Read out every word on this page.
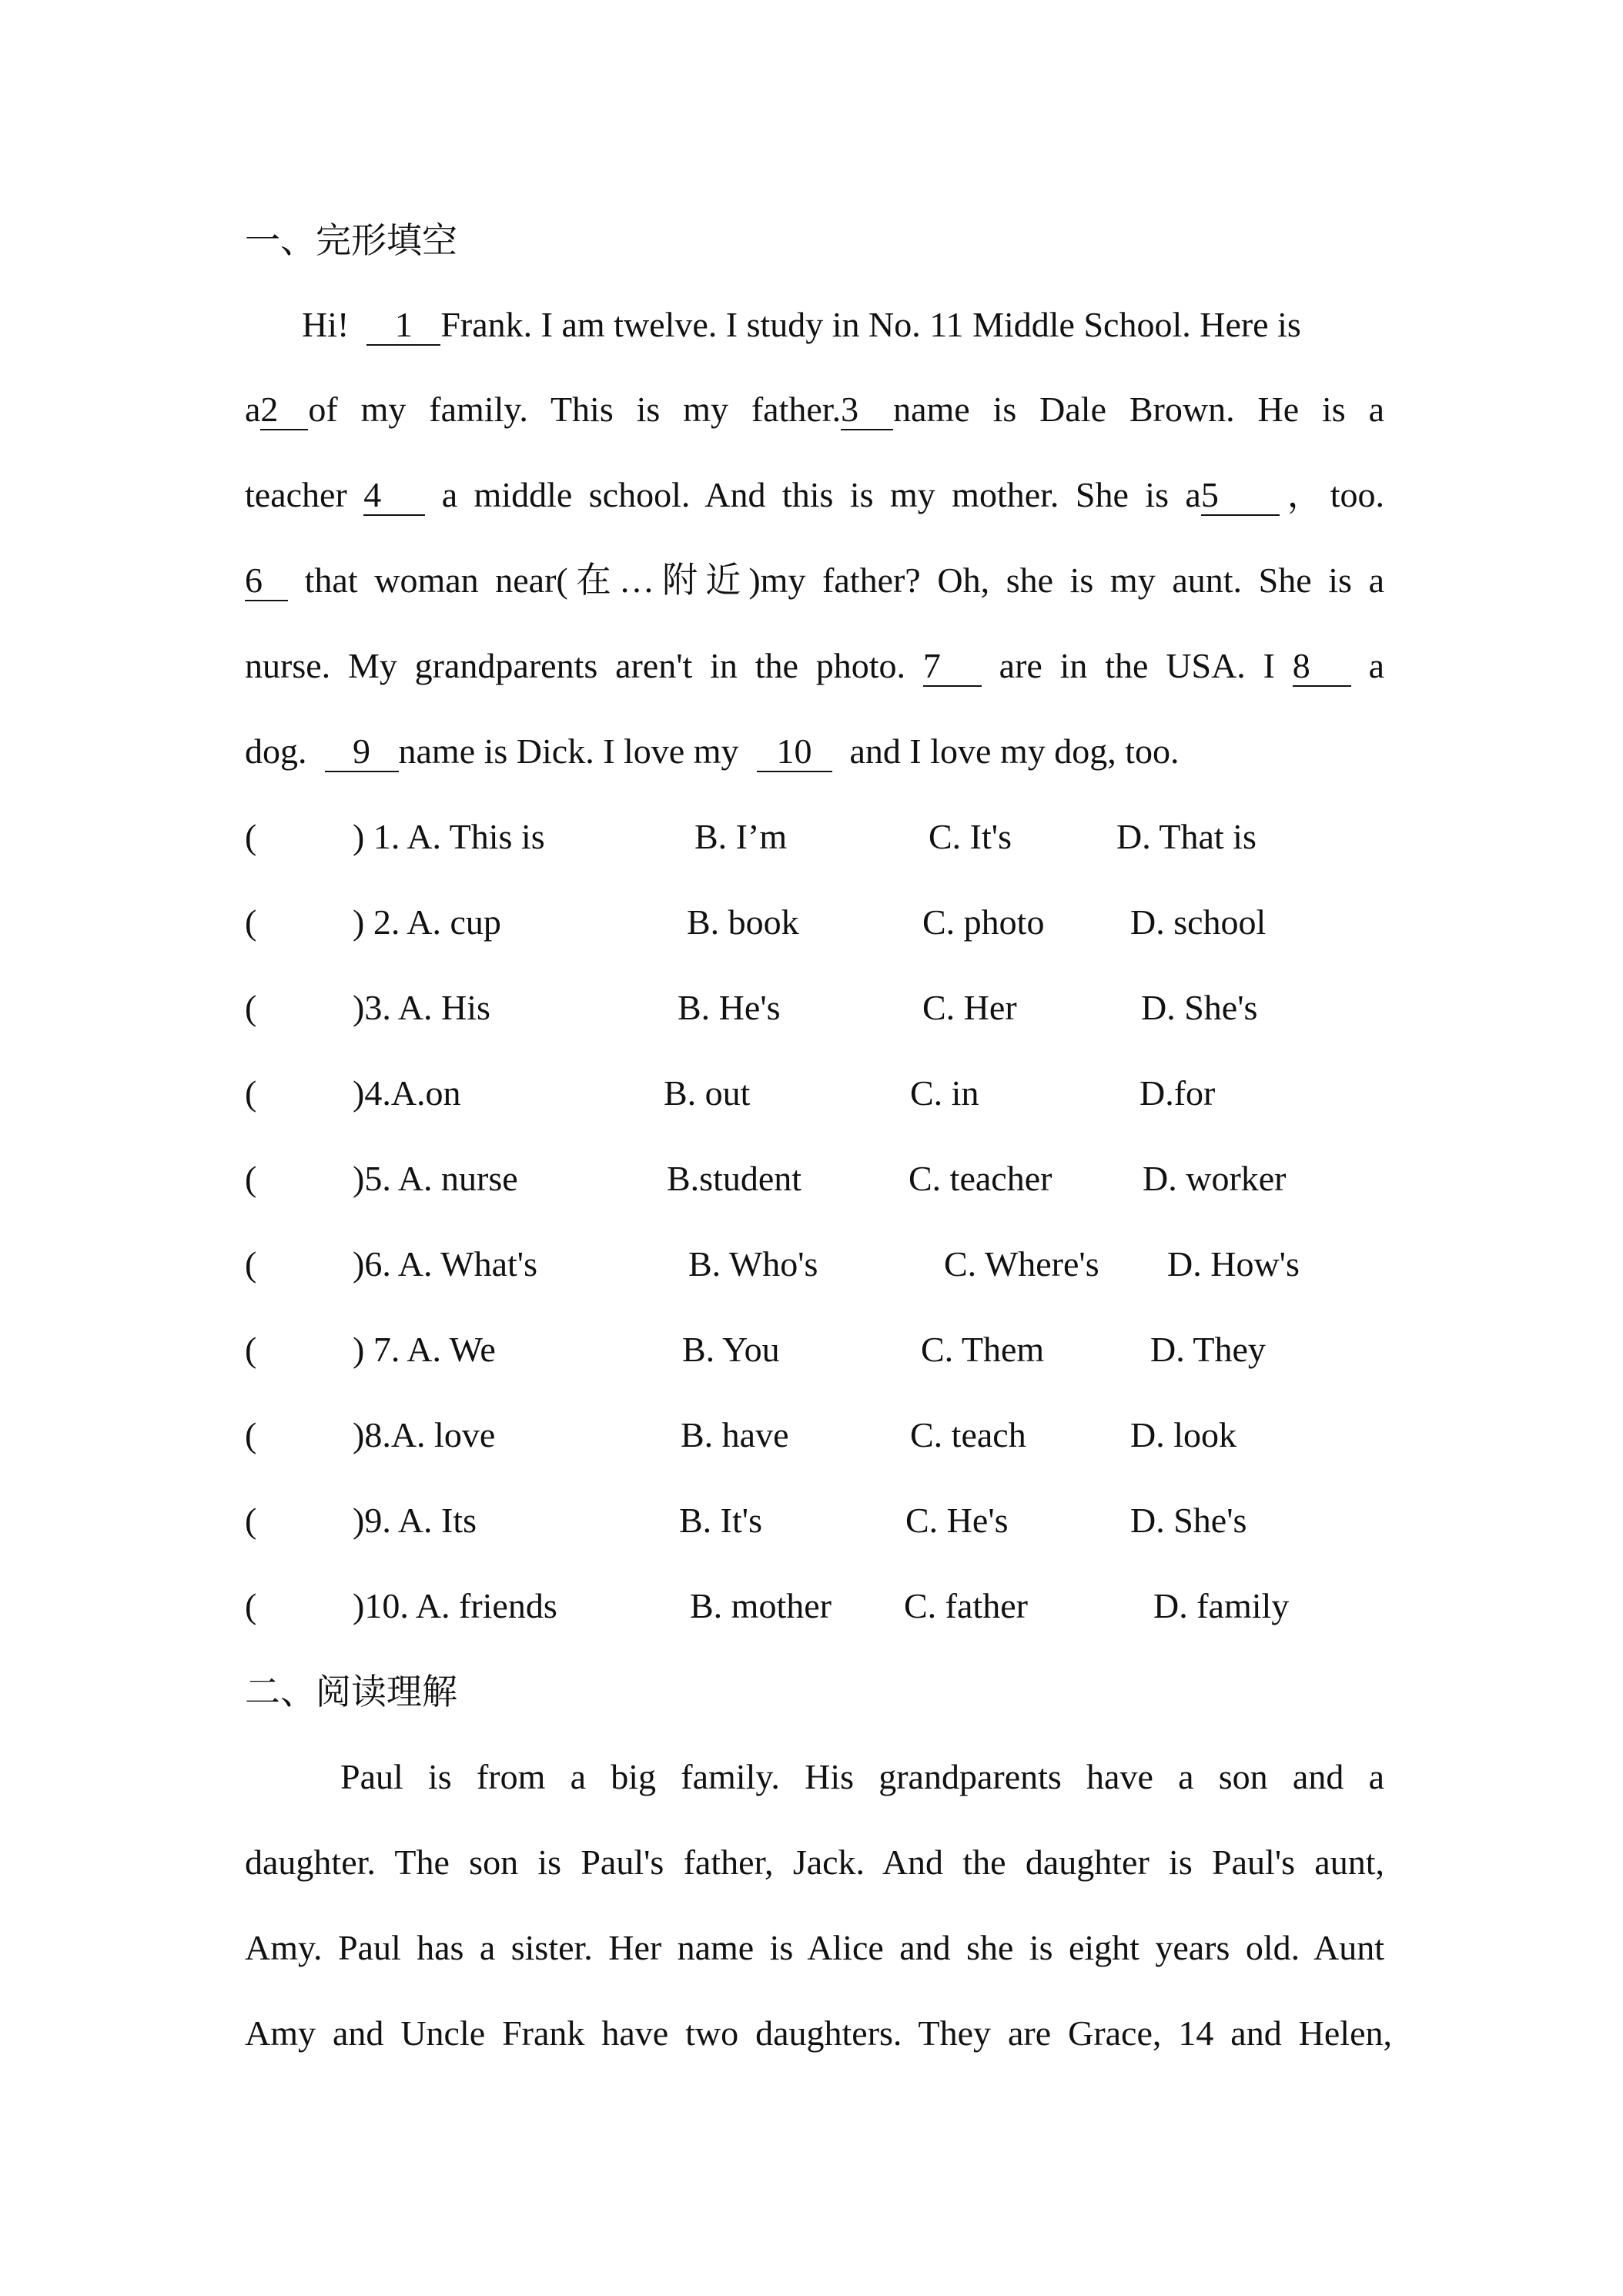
一、完形填空
Hi! 1 Frank. I am twelve. I study in No. 11 Middle School. Here is
a2 of my family. This is my father.3 name is Dale Brown. He is a
teacher 4 a middle school. And this is my mother. She is a5 ，too.
6 that woman near(在…附近)my father? Oh, she is my aunt. She is a
nurse. My grandparents aren't in the photo. 7 are in the USA. I 8 a
dog. 9 name is Dick. I love my 10 and I love my dog, too.
(	) 1. A. This is	B. I’m	C. It's	D. That is
(	) 2. A. cup	B. book	C. photo D. school
(	)3. A. His	B. He's	C. Her	D. She's
(	)4.A.on	B. out	C. in	D.for
(	)5. A. nurse	B.student	C. teacher	D. worker
(	)6. A. What's	B. Who's	C. Where's D. How's
(	) 7. A. We	B. You	C. Them	D. They
(	)8.A. love	B. have	C. teach	D. look
(	)9. A. Its	B. It's	C. He's	D. She's
(	)10. A. friends	B. mother C. father	D. family
二、阅读理解
Paul is from a big family. His grandparents have a son and a
daughter. The son is Paul's father, Jack. And the daughter is Paul's aunt,
Amy. Paul has a sister. Her name is Alice and she is eight years old. Aunt
Amy and Uncle Frank have two daughters. They are Grace, 14 and Helen,
